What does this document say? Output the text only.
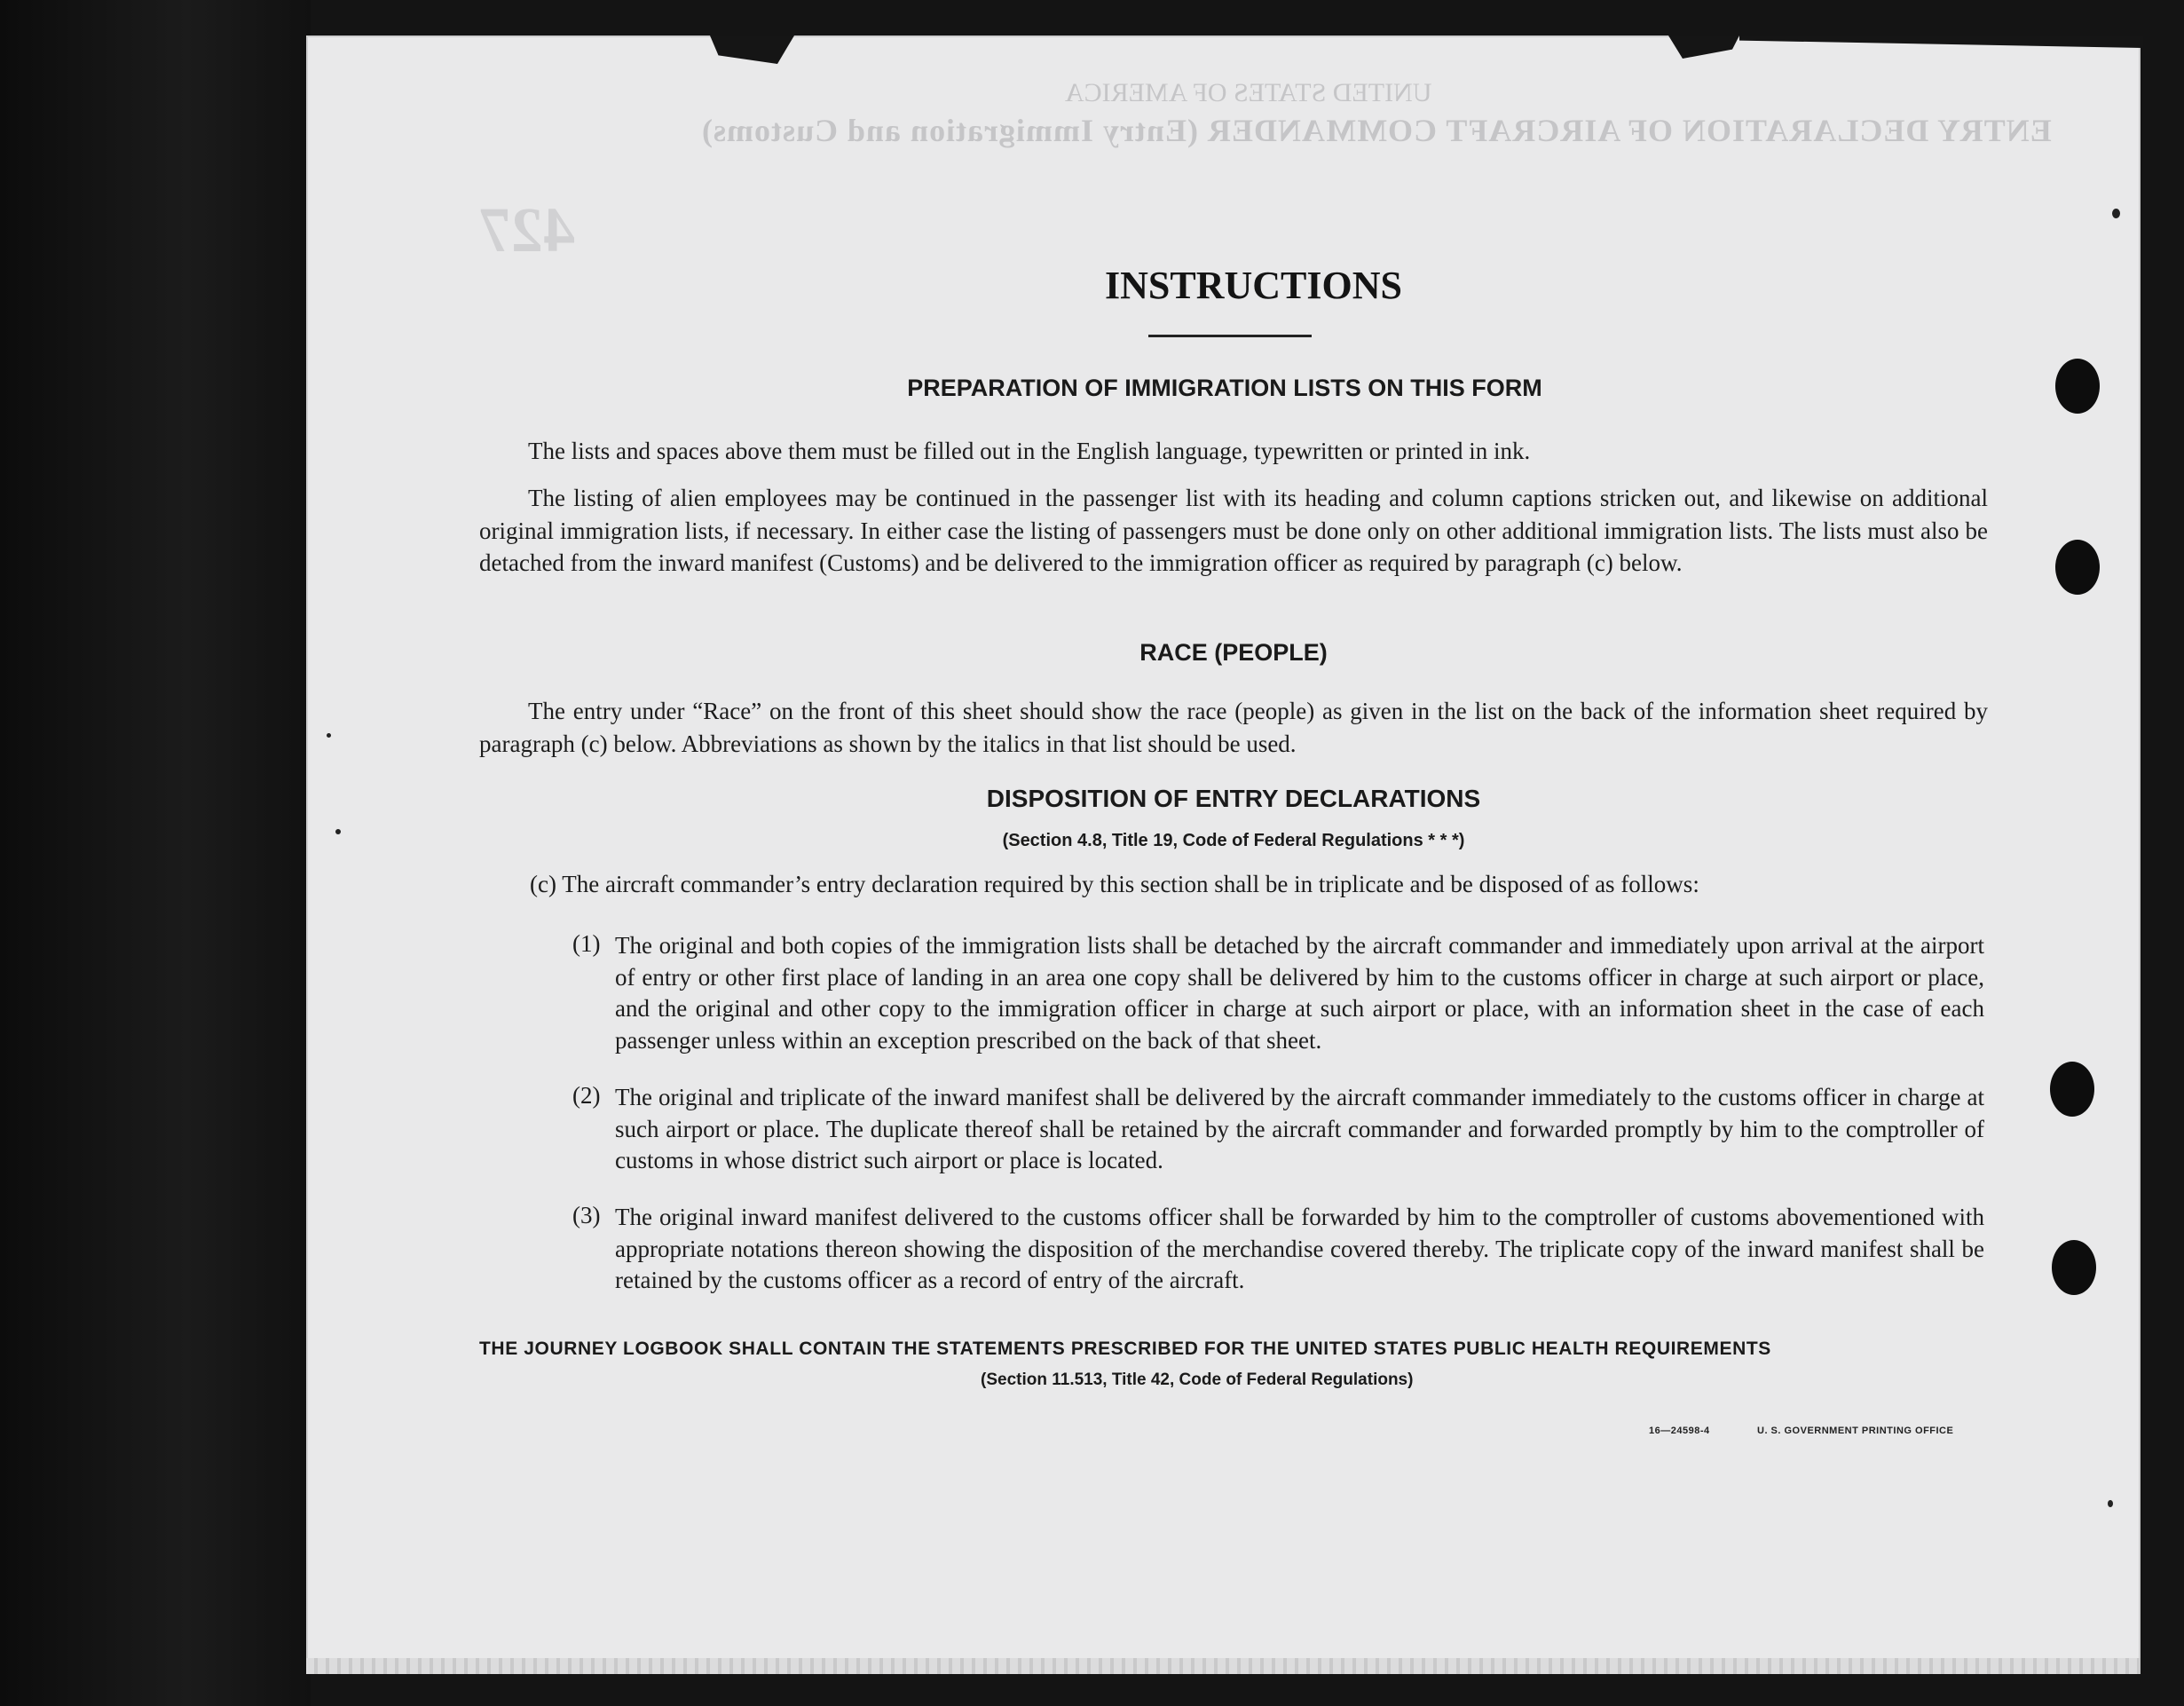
UNITED STATES OF AMERICA
ENTRY DECLARATION OF AIRCRAFT COMMANDER (Entry Immigration and Customs)
427
INSTRUCTIONS
PREPARATION OF IMMIGRATION LISTS ON THIS FORM

The lists and spaces above them must be filled out in the English language, typewritten or printed in ink.

The listing of alien employees may be continued in the passenger list with its heading and column captions stricken out, and likewise on additional original immigration lists, if necessary. In either case the listing of passengers must be done only on other additional immigration lists. The lists must also be detached from the inward manifest (Customs) and be delivered to the immigration officer as required by paragraph (c) below.

RACE (PEOPLE)

The entry under “Race” on the front of this sheet should show the race (people) as given in the list on the back of the information sheet required by paragraph (c) below. Abbreviations as shown by the italics in that list should be used.

DISPOSITION OF ENTRY DECLARATIONS
(Section 4.8, Title 19, Code of Federal Regulations * * *)

(c) The aircraft commander’s entry declaration required by this section shall be in triplicate and be disposed of as follows:

(1) The original and both copies of the immigration lists shall be detached by the aircraft commander and immediately upon arrival at the airport of entry or other first place of landing in an area one copy shall be delivered by him to the customs officer in charge at such airport or place, and the original and other copy to the immigration officer in charge at such airport or place, with an information sheet in the case of each passenger unless within an exception prescribed on the back of that sheet.

(2) The original and triplicate of the inward manifest shall be delivered by the aircraft commander immediately to the customs officer in charge at such airport or place. The duplicate thereof shall be retained by the aircraft commander and forwarded promptly by him to the comptroller of customs in whose district such airport or place is located.

(3) The original inward manifest delivered to the customs officer shall be forwarded by him to the comptroller of customs abovementioned with appropriate notations thereon showing the disposition of the merchandise covered thereby. The triplicate copy of the inward manifest shall be retained by the customs officer as a record of entry of the aircraft.

THE JOURNEY LOGBOOK SHALL CONTAIN THE STATEMENTS PRESCRIBED FOR THE UNITED STATES PUBLIC HEALTH REQUIREMENTS
(Section 11.513, Title 42, Code of Federal Regulations)
16—24598-4	U. S. GOVERNMENT PRINTING OFFICE
